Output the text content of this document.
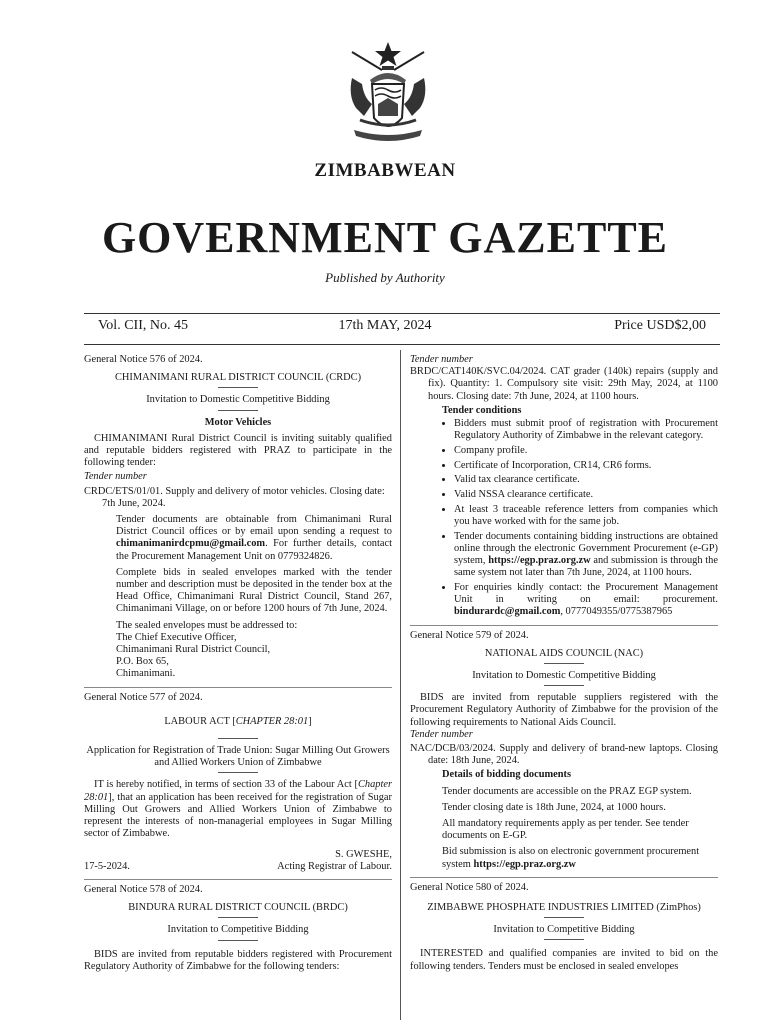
ZIMBABWEAN
GOVERNMENT GAZETTE
Published by Authority
Vol. CII, No. 45	17th MAY, 2024	Price USD$2,00

General Notice 576 of 2024.

CHIMANIMANI RURAL DISTRICT COUNCIL (CRDC)

Invitation to Domestic Competitive Bidding

Motor Vehicles

CHIMANIMANI Rural District Council is inviting suitably qualified and reputable bidders registered with PRAZ to participate in the following tender:

Tender number

CRDC/ETS/01/01. Supply and delivery of motor vehicles. Closing date: 7th June, 2024.

Tender documents are obtainable from Chimanimani Rural District Council offices or by email upon sending a request to chimanimanirdcpmu@gmail.com. For further details, contact the Procurement Management Unit on 0779324826.

Complete bids in sealed envelopes marked with the tender number and description must be deposited in the tender box at the Head Office, Chimanimani Rural District Council, Stand 267, Chimanimani Village, on or before 1200 hours of 7th June, 2024.

The sealed envelopes must be addressed to:

The Chief Executive Officer,

Chimanimani Rural District Council,

P.O. Box 65,

Chimanimani.

General Notice 577 of 2024.

LABOUR ACT [CHAPTER 28:01]

Application for Registration of Trade Union: Sugar Milling Out Growers and Allied Workers Union of Zimbabwe

IT is hereby notified, in terms of section 33 of the Labour Act [Chapter 28:01], that an application has been received for the registration of Sugar Milling Out Growers and Allied Workers Union of Zimbabwe to represent the interests of non-managerial employees in Sugar Milling sector of Zimbabwe.

S. GWESHE,

17-5-2024.	Acting Registrar of Labour.

General Notice 578 of 2024.

BINDURA RURAL DISTRICT COUNCIL (BRDC)

Invitation to Competitive Bidding

BIDS are invited from reputable bidders registered with Procurement Regulatory Authority of Zimbabwe for the following tenders:

Tender number

BRDC/CAT140K/SVC.04/2024. CAT grader (140k) repairs (supply and fix). Quantity: 1. Compulsory site visit: 29th May, 2024, at 1100 hours. Closing date: 7th June, 2024, at 1100 hours.

Tender conditions

• Bidders must submit proof of registration with Procurement Regulatory Authority of Zimbabwe in the relevant category.
• Company profile.
• Certificate of Incorporation, CR14, CR6 forms.
• Valid tax clearance certificate.
• Valid NSSA clearance certificate.
• At least 3 traceable reference letters from companies which you have worked with for the same job.
• Tender documents containing bidding instructions are obtained online through the electronic Government Procurement (e-GP) system, https://egp.praz.org.zw and submission is through the same system not later than 7th June, 2024, at 1100 hours.
• For enquiries kindly contact: the Procurement Management Unit in writing on email: procurement. bindurardc@gmail.com, 0777049355/0775387965

General Notice 579 of 2024.

NATIONAL AIDS COUNCIL (NAC)

Invitation to Domestic Competitive Bidding

BIDS are invited from reputable suppliers registered with the Procurement Regulatory Authority of Zimbabwe for the provision of the following requirements to National Aids Council.

Tender number

NAC/DCB/03/2024. Supply and delivery of brand-new laptops. Closing date: 18th June, 2024.

Details of bidding documents

Tender documents are accessible on the PRAZ EGP system.

Tender closing date is 18th June, 2024, at 1000 hours.

All mandatory requirements apply as per tender. See tender documents on E-GP.

Bid submission is also on electronic government procurement system https://egp.praz.org.zw

General Notice 580 of 2024.

ZIMBABWE PHOSPHATE INDUSTRIES LIMITED (ZimPhos)

Invitation to Competitive Bidding

INTERESTED and qualified companies are invited to bid on the following tenders. Tenders must be enclosed in sealed envelopes
